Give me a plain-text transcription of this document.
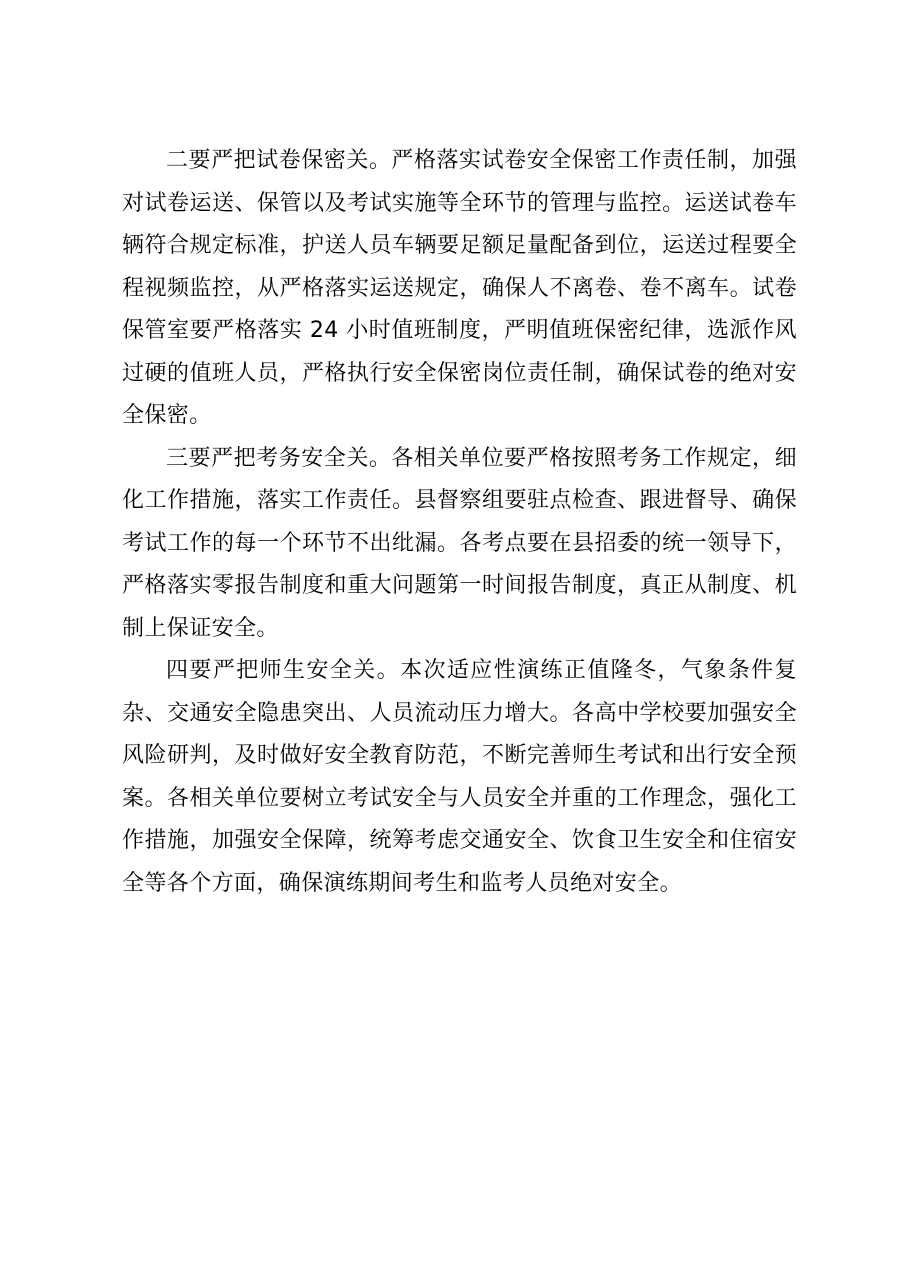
二要严把试卷保密关。严格落实试卷安全保密工作责任制，加强对试卷运送、保管以及考试实施等全环节的管理与监控。运送试卷车辆符合规定标准，护送人员车辆要足额足量配备到位，运送过程要全程视频监控，从严格落实运送规定，确保人不离卷、卷不离车。试卷保管室要严格落实 24 小时值班制度，严明值班保密纪律，选派作风过硬的值班人员，严格执行安全保密岗位责任制，确保试卷的绝对安全保密。

三要严把考务安全关。各相关单位要严格按照考务工作规定，细化工作措施，落实工作责任。县督察组要驻点检查、跟进督导、确保考试工作的每一个环节不出纰漏。各考点要在县招委的统一领导下，严格落实零报告制度和重大问题第一时间报告制度，真正从制度、机制上保证安全。

四要严把师生安全关。本次适应性演练正值隆冬，气象条件复杂、交通安全隐患突出、人员流动压力增大。各高中学校要加强安全风险研判，及时做好安全教育防范，不断完善师生考试和出行安全预案。各相关单位要树立考试安全与人员安全并重的工作理念，强化工作措施，加强安全保障，统筹考虑交通安全、饮食卫生安全和住宿安全等各个方面，确保演练期间考生和监考人员绝对安全。
